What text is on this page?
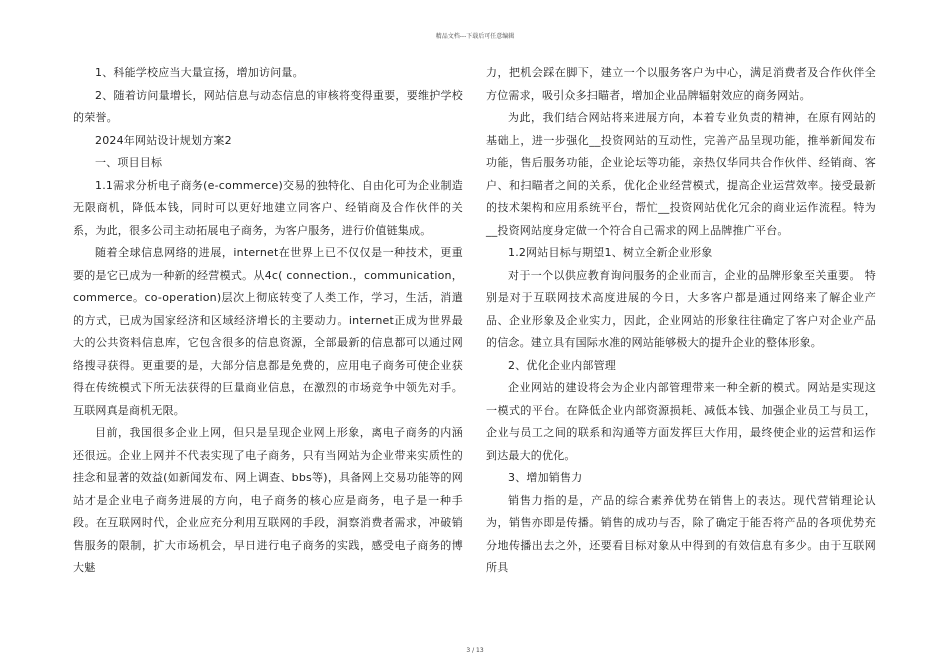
精品文档---下载后可任意编辑

1、科能学校应当大量宣扬，增加访问量。

2、随着访问量增长，网站信息与动态信息的审核将变得重要，要维护学校的荣誉。

2024年网站设计规划方案2

一、项目目标

1.1需求分析电子商务(e-commerce)交易的独特化、自由化可为企业制造无限商机，降低本钱，同时可以更好地建立同客户、经销商及合作伙伴的关系，为此，很多公司主动拓展电子商务，为客户服务，进行价值链集成。

随着全球信息网络的进展，internet在世界上已不仅仅是一种技术，更重要的是它已成为一种新的经营模式。从4c( connection.，communication，commerce。co-operation)层次上彻底转变了人类工作，学习，生活，消遣的方式，已成为国家经济和区域经济增长的主要动力。internet正成为世界最大的公共资料信息库，它包含很多的信息资源，全部最新的信息都可以通过网络搜寻获得。更重要的是，大部分信息都是免费的，应用电子商务可使企业获得在传统模式下所无法获得的巨量商业信息，在激烈的市场竞争中领先对手。互联网真是商机无限。

目前，我国很多企业上网，但只是呈现企业网上形象，离电子商务的内涵还很远。企业上网并不代表实现了电子商务，只有当网站为企业带来实质性的挂念和显著的效益(如新闻发布、网上调查、bbs等)，具备网上交易功能等的网站才是企业电子商务进展的方向，电子商务的核心应是商务，电子是一种手段。在互联网时代，企业应充分利用互联网的手段，洞察消费者需求，冲破销售服务的限制，扩大市场机会，早日进行电子商务的实践，感受电子商务的博大魅

力，把机会踩在脚下，建立一个以服务客户为中心，满足消费者及合作伙伴全方位需求，吸引众多扫瞄者，增加企业品牌辐射效应的商务网站。

为此，我们结合网站将来进展方向，本着专业负责的精神，在原有网站的基础上，进一步强化__投资网站的互动性，完善产品呈现功能，推举新闻发布功能，售后服务功能，企业论坛等功能，亲热仅华同共合作伙伴、经销商、客户、和扫瞄者之间的关系，优化企业经营模式，提高企业运营效率。接受最新的技术架构和应用系统平台，帮忙__投资网站优化冗余的商业运作流程。特为__投资网站度身定做一个符合自己需求的网上品牌推广平台。

1.2网站目标与期望1、树立全新企业形象

对于一个以供应教育询问服务的企业而言，企业的品牌形象至关重要。 特别是对于互联网技术高度进展的今日，大多客户都是通过网络来了解企业产品、企业形象及企业实力，因此，企业网站的形象往往确定了客户对企业产品的信念。建立具有国际水准的网站能够极大的提升企业的整体形象。

2、优化企业内部管理

企业网站的建设将会为企业内部管理带来一种全新的模式。网站是实现这一模式的平台。在降低企业内部资源损耗、减低本钱、加强企业员工与员工，企业与员工之间的联系和沟通等方面发挥巨大作用，最终使企业的运营和运作到达最大的优化。

3、增加销售力

销售力指的是，产品的综合素养优势在销售上的表达。现代营销理论认为，销售亦即是传播。销售的成功与否，除了确定于能否将产品的各项优势充分地传播出去之外，还要看目标对象从中得到的有效信息有多少。由于互联网所具

3 / 13
